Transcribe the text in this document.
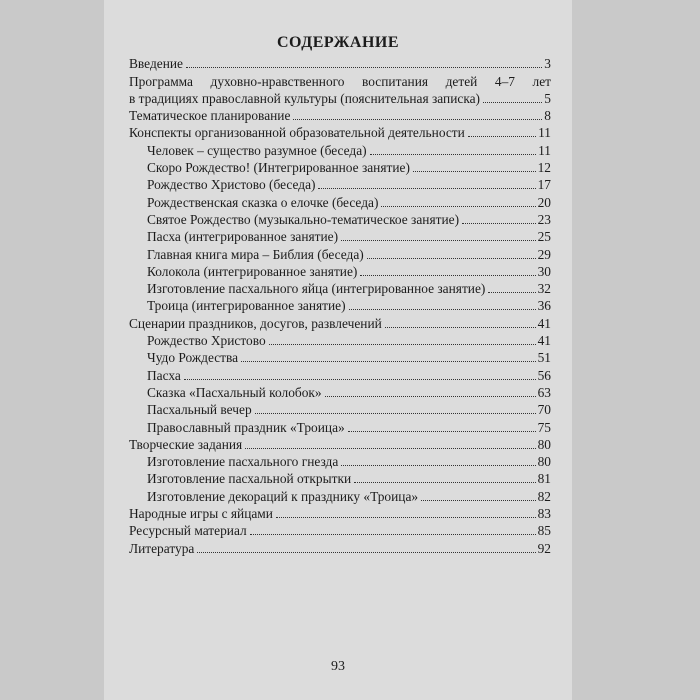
СОДЕРЖАНИЕ
Введение	3
Программа духовно-нравственного воспитания детей 4–7 лет
в традициях православной культуры (пояснительная записка)	5
Тематическое планирование	8
Конспекты организованной образовательной деятельности	11
Человек – существо разумное (беседа)	11
Скоро Рождество! (Интегрированное занятие)	12
Рождество Христово (беседа)	17
Рождественская сказка о елочке (беседа)	20
Святое Рождество (музыкально-тематическое занятие)	23
Пасха (интегрированное занятие)	25
Главная книга мира – Библия (беседа)	29
Колокола (интегрированное занятие)	30
Изготовление пасхального яйца (интегрированное занятие)	32
Троица (интегрированное занятие)	36
Сценарии праздников, досугов, развлечений	41
Рождество Христово	41
Чудо Рождества	51
Пасха	56
Сказка «Пасхальный колобок»	63
Пасхальный вечер	70
Православный праздник «Троица»	75
Творческие задания	80
Изготовление пасхального гнезда	80
Изготовление пасхальной открытки	81
Изготовление декораций к празднику «Троица»	82
Народные игры с яйцами	83
Ресурсный материал	85
Литература	92
93
